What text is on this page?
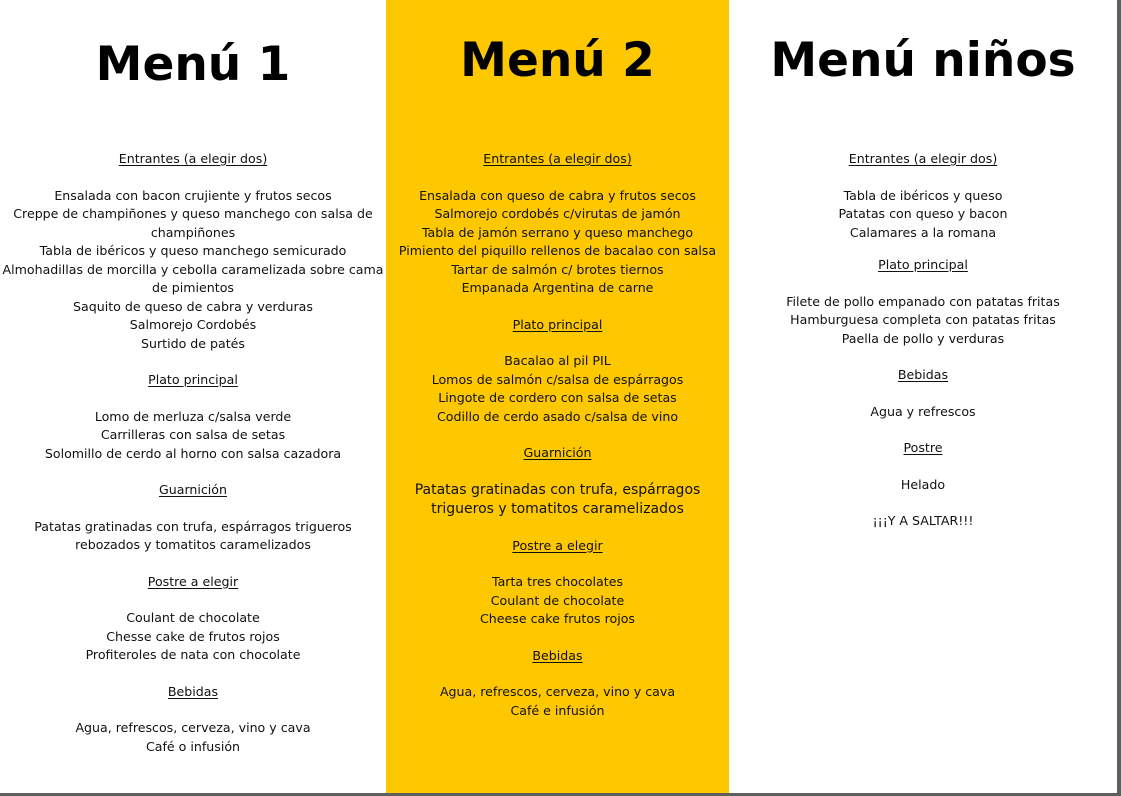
Menú 1
Entrantes (a elegir dos)
Ensalada con bacon crujiente y frutos secos
Creppe de champiñones y queso manchego con salsa de champiñones
Tabla de ibéricos y queso manchego semicurado
Almohadillas de morcilla y cebolla caramelizada sobre cama de pimientos
Saquito de queso de cabra y verduras
Salmorejo Cordobés
Surtido de patés
Plato principal
Lomo de merluza c/salsa verde
Carrilleras con salsa de setas
Solomillo de cerdo al horno con salsa cazadora
Guarnición
Patatas gratinadas con trufa, espárragos trigueros rebozados y tomatitos caramelizados
Postre a elegir
Coulant de chocolate
Chesse cake de frutos rojos
Profiteroles de nata con chocolate
Bebidas
Agua, refrescos, cerveza, vino y cava
Café o infusión
Menú 2
Entrantes (a elegir dos)
Ensalada con queso de cabra y frutos secos
Salmorejo cordobés c/virutas de jamón
Tabla de jamón serrano y queso manchego
Pimiento del piquillo rellenos de bacalao con salsa
Tartar de salmón c/ brotes tiernos
Empanada Argentina de carne
Plato principal
Bacalao al pil PIL
Lomos de salmón c/salsa de espárragos
Lingote de cordero con salsa de setas
Codillo de cerdo asado c/salsa de vino
Guarnición
Patatas gratinadas con trufa, espárragos trigueros y tomatitos caramelizados
Postre a elegir
Tarta tres chocolates
Coulant de chocolate
Cheese cake frutos rojos
Bebidas
Agua, refrescos, cerveza, vino y cava
Café e infusión
Menú niños
Entrantes (a elegir dos)
Tabla de ibéricos y queso
Patatas con queso y bacon
Calamares a la romana
Plato principal
Filete de pollo empanado con patatas fritas
Hamburguesa completa con patatas fritas
Paella de pollo y verduras
Bebidas
Agua y refrescos
Postre
Helado
¡¡¡Y A SALTAR!!!
